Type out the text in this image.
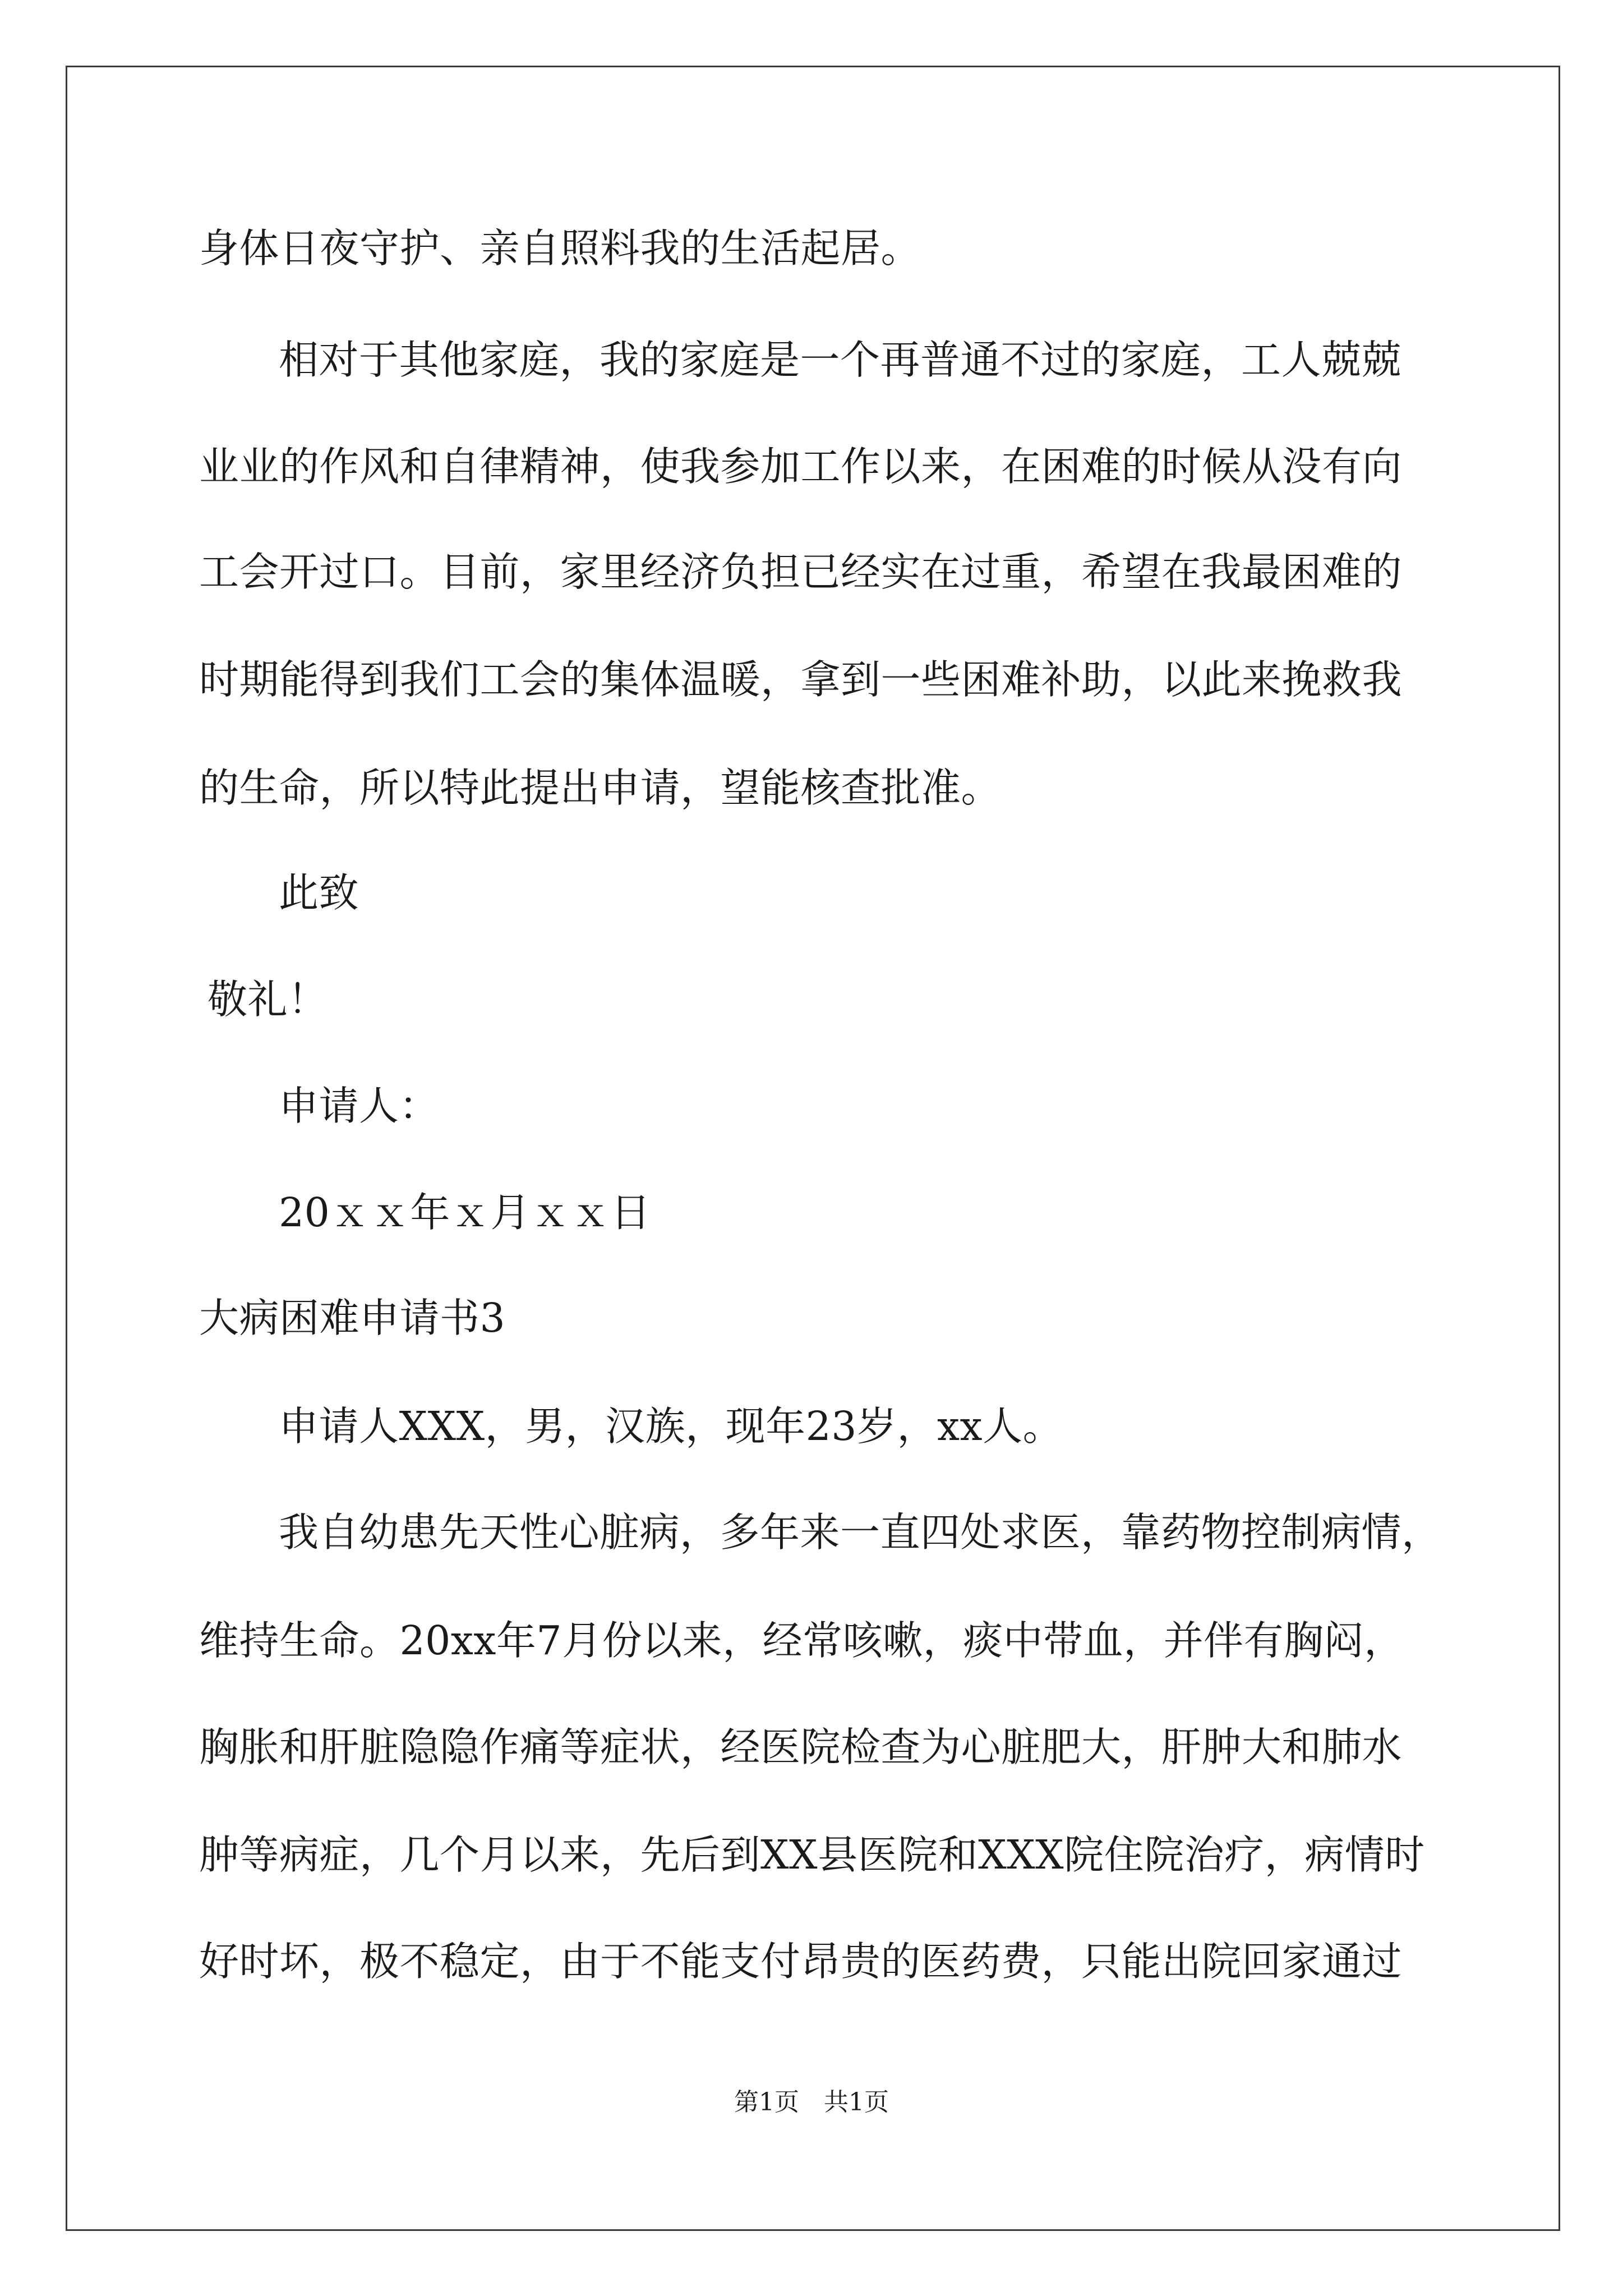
身体日夜守护、亲自照料我的生活起居。
相对于其他家庭，我的家庭是一个再普通不过的家庭，工人兢兢
业业的作风和自律精神，使我参加工作以来，在困难的时候从没有向
工会开过口。目前，家里经济负担已经实在过重，希望在我最困难的
时期能得到我们工会的集体温暖，拿到一些困难补助，以此来挽救我
的生命，所以特此提出申请，望能核查批准。
此致
敬礼！
申请人：
20ｘｘ年ｘ月ｘｘ日
大病困难申请书3
申请人XXX，男，汉族，现年23岁，xx人。
我自幼患先天性心脏病，多年来一直四处求医，靠药物控制病情，
维持生命。20xx年7月份以来，经常咳嗽，痰中带血，并伴有胸闷，
胸胀和肝脏隐隐作痛等症状，经医院检查为心脏肥大，肝肿大和肺水
肿等病症，几个月以来，先后到XX县医院和XXX院住院治疗，病情时
好时坏，极不稳定，由于不能支付昂贵的医药费，只能出院回家通过
第1页　共1页
